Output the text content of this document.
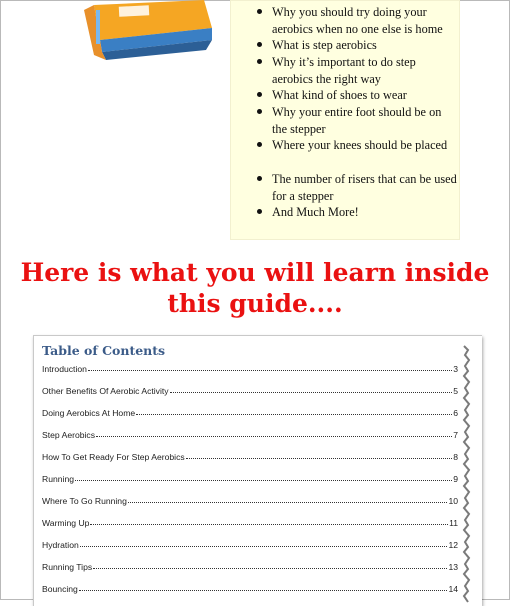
Why you should try doing your aerobics when no one else is home
What is step aerobics
Why it’s important to do step aerobics the right way
What kind of shoes to wear
Why your entire foot should be on the stepper
Where your knees should be placed
The number of risers that can be used for a stepper
And Much More!
Here is what you will learn inside
this guide....
Table of Contents
Introduction	3
Other Benefits Of Aerobic Activity	5
Doing Aerobics At Home	6
Step Aerobics	7
How To Get Ready For Step Aerobics	8
Running	9
Where To Go Running	10
Warming Up	11
Hydration	12
Running Tips	13
Bouncing	14
